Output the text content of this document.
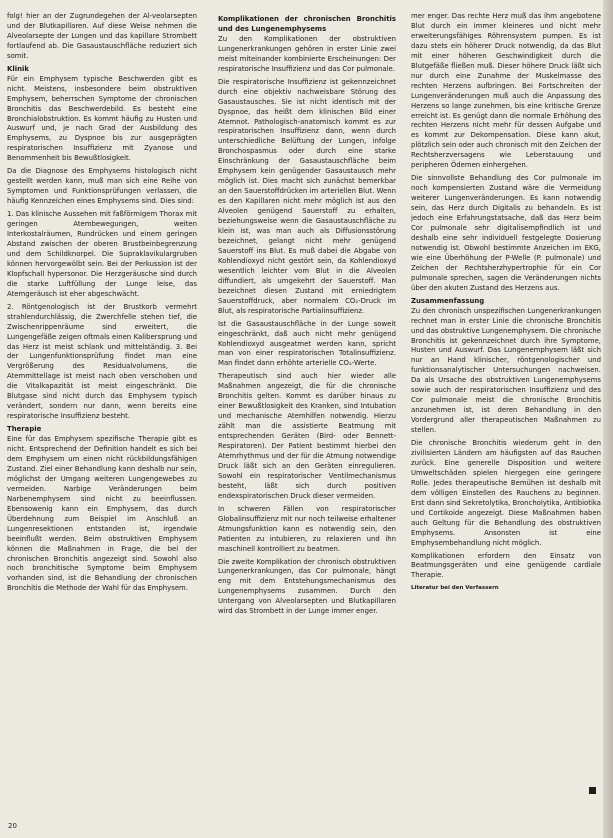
folg! hier an der Zugrundegehen der Al-veolarsepten und der Blutkapillaren. Auf diese Weise nehmen die Alveolarsepte der Lungen und das kapillare Strombett fortlaufend ab. Die Gasaustauschfläche reduziert sich somit.

Klinik

Für ein Emphysem typische Beschwerden gibt es nicht. Meistens, insbesondere beim obstruktiven Emphysem, beherrschen Symptome der chronischen Bronchitis das Beschwerdebild. Es besteht eine Bronchialobstruktion. Es kommt häufig zu Husten und Auswurf und, je nach Grad der Ausbildung des Emphysems, zu Dyspnoe bis zur ausgeprägten respiratorischen Insuffizienz mit Zyanose und Benommenheit bis Bewußtlosigkeit.

Da die Diagnose des Emphysems histologisch nicht gestellt werden kann, muß man sich eine Reihe von Symptomen und Funktionsprüfungen verlassen, die häufig Kennzeichen eines Emphysems sind. Dies sind:

1. Das klinische Aussehen mit faßförmigem Thorax mit geringen Atembewegungen, weiten Interkostalräumen, Rundrücken und einem geringen Abstand zwischen der oberen Brustbeinbegrenzung und dem Schildknorpel. Die Supraklavikulargruben können hervorgewölbt sein. Bei der Perkussion ist der Klopfschall hypersonor. Die Herzgeräusche sind durch die starke Luftfüllung der Lunge leise, das Atemgeräusch ist eher abgeschwächt.

2. Röntgenologisch ist der Brustkorb vermehrt strahlendurchlässig, die Zwerchfelle stehen tief, die Zwischenrippenräume sind erweitert, die Lungengefäße zeigen oftmals einen Kalibersprung und das Herz ist meist schlank und mittelständig. 3. Bei der Lungenfunktionsprüfung findet man eine Vergrößerung des Residualvolumens, die Atemmittellage ist meist nach oben verschoben und die Vitalkapazität ist meist eingeschränkt. Die Blutgase sind nicht durch das Emphysem typisch verändert, sondern nur dann, wenn bereits eine respiratorische Insuffizienz besteht.

Therapie

Eine für das Emphysem spezifische Therapie gibt es nicht. Entsprechend der Definition handelt es sich bei dem Emphysem um einen nicht rückbildungsfähigen Zustand. Ziel einer Behandlung kann deshalb nur sein, möglichst der Umgang weiteren Lungengewebes zu vermeiden. Narbige Veränderungen beim Narbenemphysem sind nicht zu beeinflussen. Ebensowenig kann ein Emphysem, das durch Überdehnung zum Beispiel im Anschluß an Lungenresektionen entstanden ist, irgendwie beeinflußt werden. Beim obstruktiven Emphysem können die Maßnahmen in Frage, die bei der chronischen Bronchitis angezeigt sind. Sowohl also noch bronchitische Symptome beim Emphysem vorhanden sind, ist die Behandlung der chronischen Bronchitis die Methode der Wahl für das Emphysem.

Komplikationen der chronischen Bronchitis und des Lungenemphysems

Zu den Komplikationen der obstruktiven Lungenerkrankungen gehören in erster Linie zwei meist miteinander kombinierte Erscheinungen: Der respiratorische Insuffizienz und das Cor pulmonale.

Die respiratorische Insuffizienz ist gekennzeichnet durch eine objektiv nachweisbare Störung des Gasaustausches. Sie ist nicht identisch mit der Dyspnoe, das heißt dem klinischen Bild einer Atemnot. Pathologisch-anatomisch kommt es zur respiratorischen Insuffizienz dann, wenn durch unterschiedliche Belüftung der Lungen, infolge Bronchospasmus oder durch eine starke Einschränkung der Gasaustauschfläche beim Emphysem kein genügender Gasaustausch mehr möglich ist. Dies macht sich zunächst bemerkbar an den Sauerstoffdrücken im arteriellen Blut. Wenn es den Kapillaren nicht mehr möglich ist aus den Alveolen genügend Sauerstoff zu erhalten, beziehungsweise wenn die Gasaustauschfläche zu klein ist, was man auch als Diffusionsstörung bezeichnet, gelangt nicht mehr genügend Sauerstoff ins Blut. Es muß dabei die Abgabe von Kohlendioxyd nicht gestört sein, da Kohlendioxyd wesentlich leichter vom Blut in die Alveolen diffundiert, als umgekehrt der Sauerstoff. Man bezeichnet diesen Zustand mit erniedrigtem Sauerstoffdruck, aber normalem CO₂-Druck im Blut, als respiratorische Partialinsuffizienz.

Ist die Gasaustauschfläche in der Lunge soweit eingeschränkt, daß auch nicht mehr genügend Kohlendioxyd ausgeatmet werden kann, spricht man von einer respiratorischen Totalinsuffizienz. Man findet dann erhöhte arterielle CO₂-Werte.

Therapeutisch sind auch hier wieder alle Maßnahmen angezeigt, die für die chronische Bronchitis gelten. Kommt es darüber hinaus zu einer Bewußtlosigkeit des Kranken, sind Intubation und mechanische Atemhilfen notwendig. Hierzu zählt man die assistierte Beatmung mit entsprechenden Geräten (Bird- oder Bennett-Respiratoren). Der Patient bestimmt hierbei den Atemrhythmus und der für die Atmung notwendige Druck läßt sich an den Geräten einregulieren. Sowohl ein respiratorischer Ventilmechanismus besteht, läßt sich durch positiven endexspiratorischen Druck dieser vermeiden.

In schweren Fällen von respiratorischer Globalinsuffizienz mit nur noch teilweise erhaltener Atmungsfunktion kann es notwendig sein, den Patienten zu intubieren, zu relaxieren und ihn maschinell kontrolliert zu beatmen.

Die zweite Komplikation der chronisch obstruktiven Lungenerkrankungen, das Cor pulmonale, hängt eng mit dem Entstehungsmechanismus des Lungenemphysems zusammen. Durch den Untergang von Alveolarsepten und Blutkapillaren wird das Strombett in der Lunge immer enger.

mer enger. Das rechte Herz muß das ihm angebotene Blut durch ein immer kleineres und nicht mehr erweiterungsfähiges Röhrensystem pumpen. Es ist dazu stets ein höherer Druck notwendig, da das Blut mit einer höheren Geschwindigkeit durch die Blutgefäße fließen muß. Dieser höhere Druck läßt sich nur durch eine Zunahme der Muskelmasse des rechten Herzens aufbringen. Bei Fortschreiten der Lungenveränderungen muß auch die Anpassung des Herzens so lange zunehmen, bis eine kritische Grenze erreicht ist. Es genügt dann die normale Erhöhung des rechten Herzens nicht mehr für dessen Aufgabe und es kommt zur Dekompensation. Diese kann akut, plötzlich sein oder auch chronisch mit den Zeichen der Rechtsherzversagens wie Leberstauung und peripheren Ödemen einhergehen.

Die sinnvollste Behandlung des Cor pulmonale im noch kompensierten Zustand wäre die Vermeidung weiterer Lungenveränderungen. Es kann notwendig sein, das Herz durch Digitalis zu behandeln. Es ist jedoch eine Erfahrungstatsache, daß das Herz beim Cor pulmonale sehr digitalisempfindlich ist und deshalb eine sehr individuell festgelegte Dosierung notwendig ist. Obwohl bestimmte Anzeichen im EKG, wie eine Überhöhung der P-Welle (P. pulmonale) und Zeichen der Rechtsherzhypertrophie für ein Cor pulmonale sprechen, sagen die Veränderungen nichts über den akuten Zustand des Herzens aus.

Zusammenfassung

Zu den chronisch unspezifischen Lungenerkrankungen rechnet man in erster Linie die chronische Bronchitis und das obstruktive Lungenemphysem. Die chronische Bronchitis ist gekennzeichnet durch ihre Symptome, Husten und Auswurf. Das Lungenemphysem läßt sich nur an Hand klinischer, röntgenologischer und funktionsanalytischer Untersuchungen nachweisen. Da als Ursache des obstruktiven Lungenemphysems sowie auch der respiratorischen Insuffizienz und des Cor pulmonale meist die chronische Bronchitis anzunehmen ist, ist deren Behandlung in den Vordergrund aller therapeutischen Maßnahmen zu stellen.

Die chronische Bronchitis wiederum geht in den zivilisierten Ländern am häufigsten auf das Rauchen zurück. Eine generelle Disposition und weitere Umweltschäden spielen hiergegen eine geringere Rolle. Jedes therapeutische Bemühen ist deshalb mit dem völligen Einstellen des Rauchens zu beginnen. Erst dann sind Sekretolytika, Broncholytika, Antibiotika und Cortikoide angezeigt. Diese Maßnahmen haben auch Geltung für die Behandlung des obstruktiven Emphysems. Ansonsten ist eine Emphysembehandlung nicht möglich.

Komplikationen erfordern den Einsatz von Beatmungsgeräten und eine genügende cardiale Therapie.

Literatur bei den Verfassern

20
